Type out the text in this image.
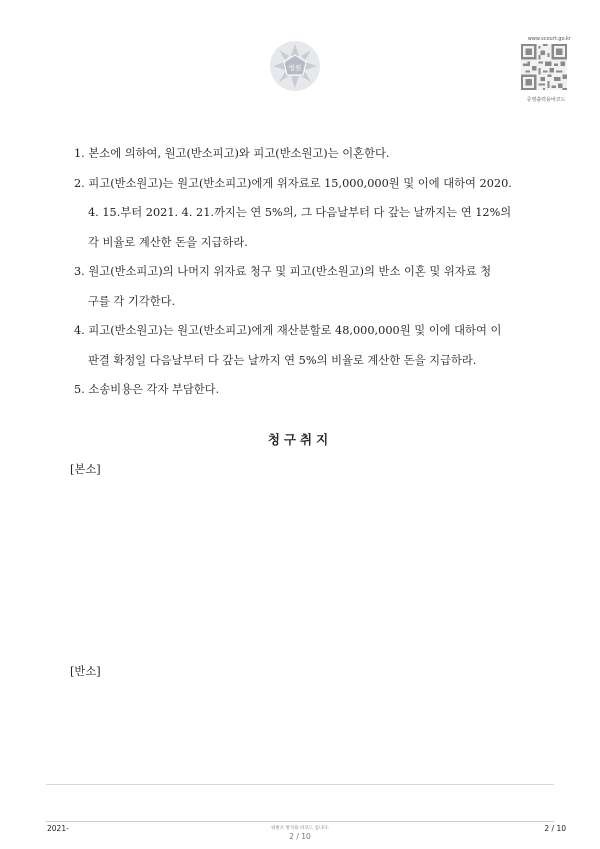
법원
www.scourt.go.kr
증명출력용바코드
1. 본소에 의하여, 원고(반소피고)와 피고(반소원고)는 이혼한다.
2. 피고(반소원고)는 원고(반소피고)에게 위자료로 15,000,000원 및 이에 대하여 2020.
4. 15.부터 2021. 4. 21.까지는 연 5%의, 그 다음날부터 다 갚는 날까지는 연 12%의
각 비율로 계산한 돈을 지급하라.
3. 원고(반소피고)의 나머지 위자료 청구 및 피고(반소원고)의 반소 이혼 및 위자료 청
구를 각 기각한다.
4. 피고(반소원고)는 원고(반소피고)에게 재산분할로 48,000,000원 및 이에 대하여 이
판결 확정일 다음날부터 다 갚는 날까지 연 5%의 비율로 계산한 돈을 지급하라.
5. 소송비용은 각자 부담한다.
청구취지
[본소]
[반소]
2021-	위변조 방지용 바코드 입니다.
2 / 10
2 / 10
